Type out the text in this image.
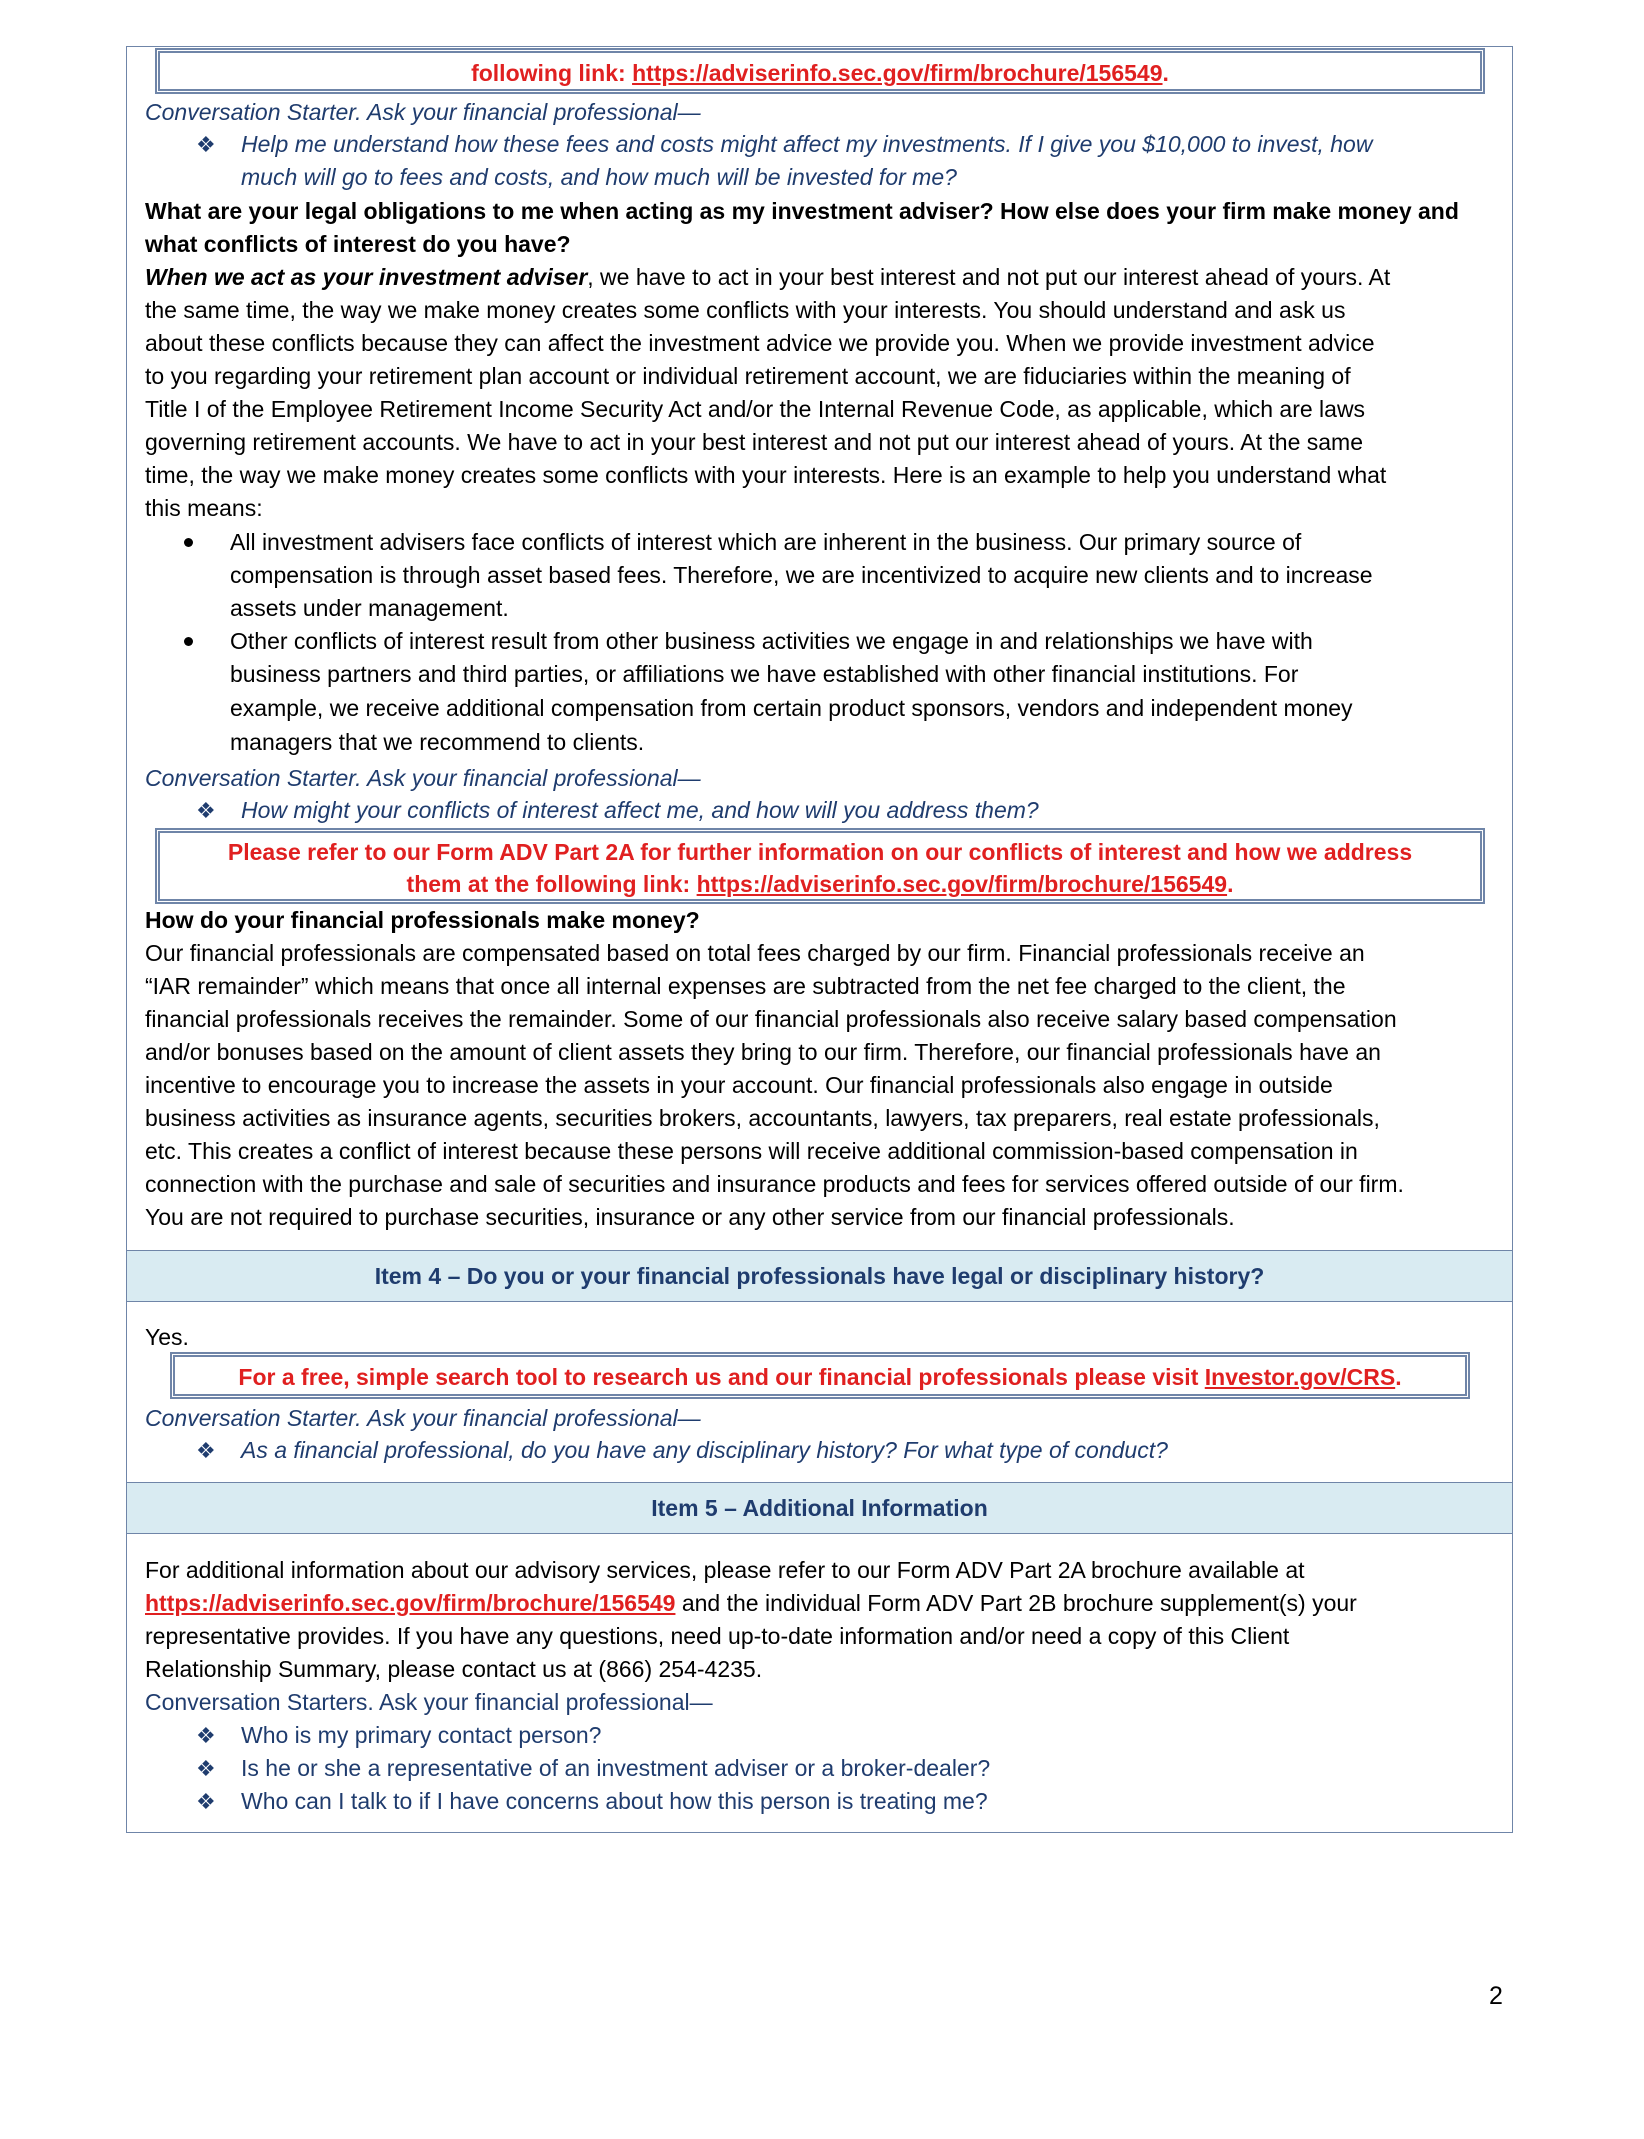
following link: https://adviserinfo.sec.gov/firm/brochure/156549.

Conversation Starter. Ask your financial professional—

❖ Help me understand how these fees and costs might affect my investments. If I give you $10,000 to invest, how

much will go to fees and costs, and how much will be invested for me?

What are your legal obligations to me when acting as my investment adviser? How else does your firm make money and

what conflicts of interest do you have?

When we act as your investment adviser, we have to act in your best interest and not put our interest ahead of yours. At

the same time, the way we make money creates some conflicts with your interests. You should understand and ask us

about these conflicts because they can affect the investment advice we provide you. When we provide investment advice

to you regarding your retirement plan account or individual retirement account, we are fiduciaries within the meaning of

Title I of the Employee Retirement Income Security Act and/or the Internal Revenue Code, as applicable, which are laws

governing retirement accounts. We have to act in your best interest and not put our interest ahead of yours. At the same

time, the way we make money creates some conflicts with your interests. Here is an example to help you understand what

this means:

All investment advisers face conflicts of interest which are inherent in the business. Our primary source of

compensation is through asset based fees. Therefore, we are incentivized to acquire new clients and to increase

assets under management.

Other conflicts of interest result from other business activities we engage in and relationships we have with

business partners and third parties, or affiliations we have established with other financial institutions. For

example, we receive additional compensation from certain product sponsors, vendors and independent money

managers that we recommend to clients.

Conversation Starter. Ask your financial professional—

❖ How might your conflicts of interest affect me, and how will you address them?

Please refer to our Form ADV Part 2A for further information on our conflicts of interest and how we address
them at the following link: https://adviserinfo.sec.gov/firm/brochure/156549.

How do your financial professionals make money?

Our financial professionals are compensated based on total fees charged by our firm. Financial professionals receive an

“IAR remainder” which means that once all internal expenses are subtracted from the net fee charged to the client, the

financial professionals receives the remainder. Some of our financial professionals also receive salary based compensation

and/or bonuses based on the amount of client assets they bring to our firm. Therefore, our financial professionals have an

incentive to encourage you to increase the assets in your account. Our financial professionals also engage in outside

business activities as insurance agents, securities brokers, accountants, lawyers, tax preparers, real estate professionals,

etc. This creates a conflict of interest because these persons will receive additional commission-based compensation in

connection with the purchase and sale of securities and insurance products and fees for services offered outside of our firm.

You are not required to purchase securities, insurance or any other service from our financial professionals.

Item 4 – Do you or your financial professionals have legal or disciplinary history?

Yes.

For a free, simple search tool to research us and our financial professionals please visit Investor.gov/CRS.

Conversation Starter. Ask your financial professional—

❖ As a financial professional, do you have any disciplinary history? For what type of conduct?

Item 5 – Additional Information

For additional information about our advisory services, please refer to our Form ADV Part 2A brochure available at

https://adviserinfo.sec.gov/firm/brochure/156549 and the individual Form ADV Part 2B brochure supplement(s) your

representative provides. If you have any questions, need up-to-date information and/or need a copy of this Client

Relationship Summary, please contact us at (866) 254-4235.

Conversation Starters. Ask your financial professional—

❖ Who is my primary contact person?

❖ Is he or she a representative of an investment adviser or a broker-dealer?

❖ Who can I talk to if I have concerns about how this person is treating me?

2
